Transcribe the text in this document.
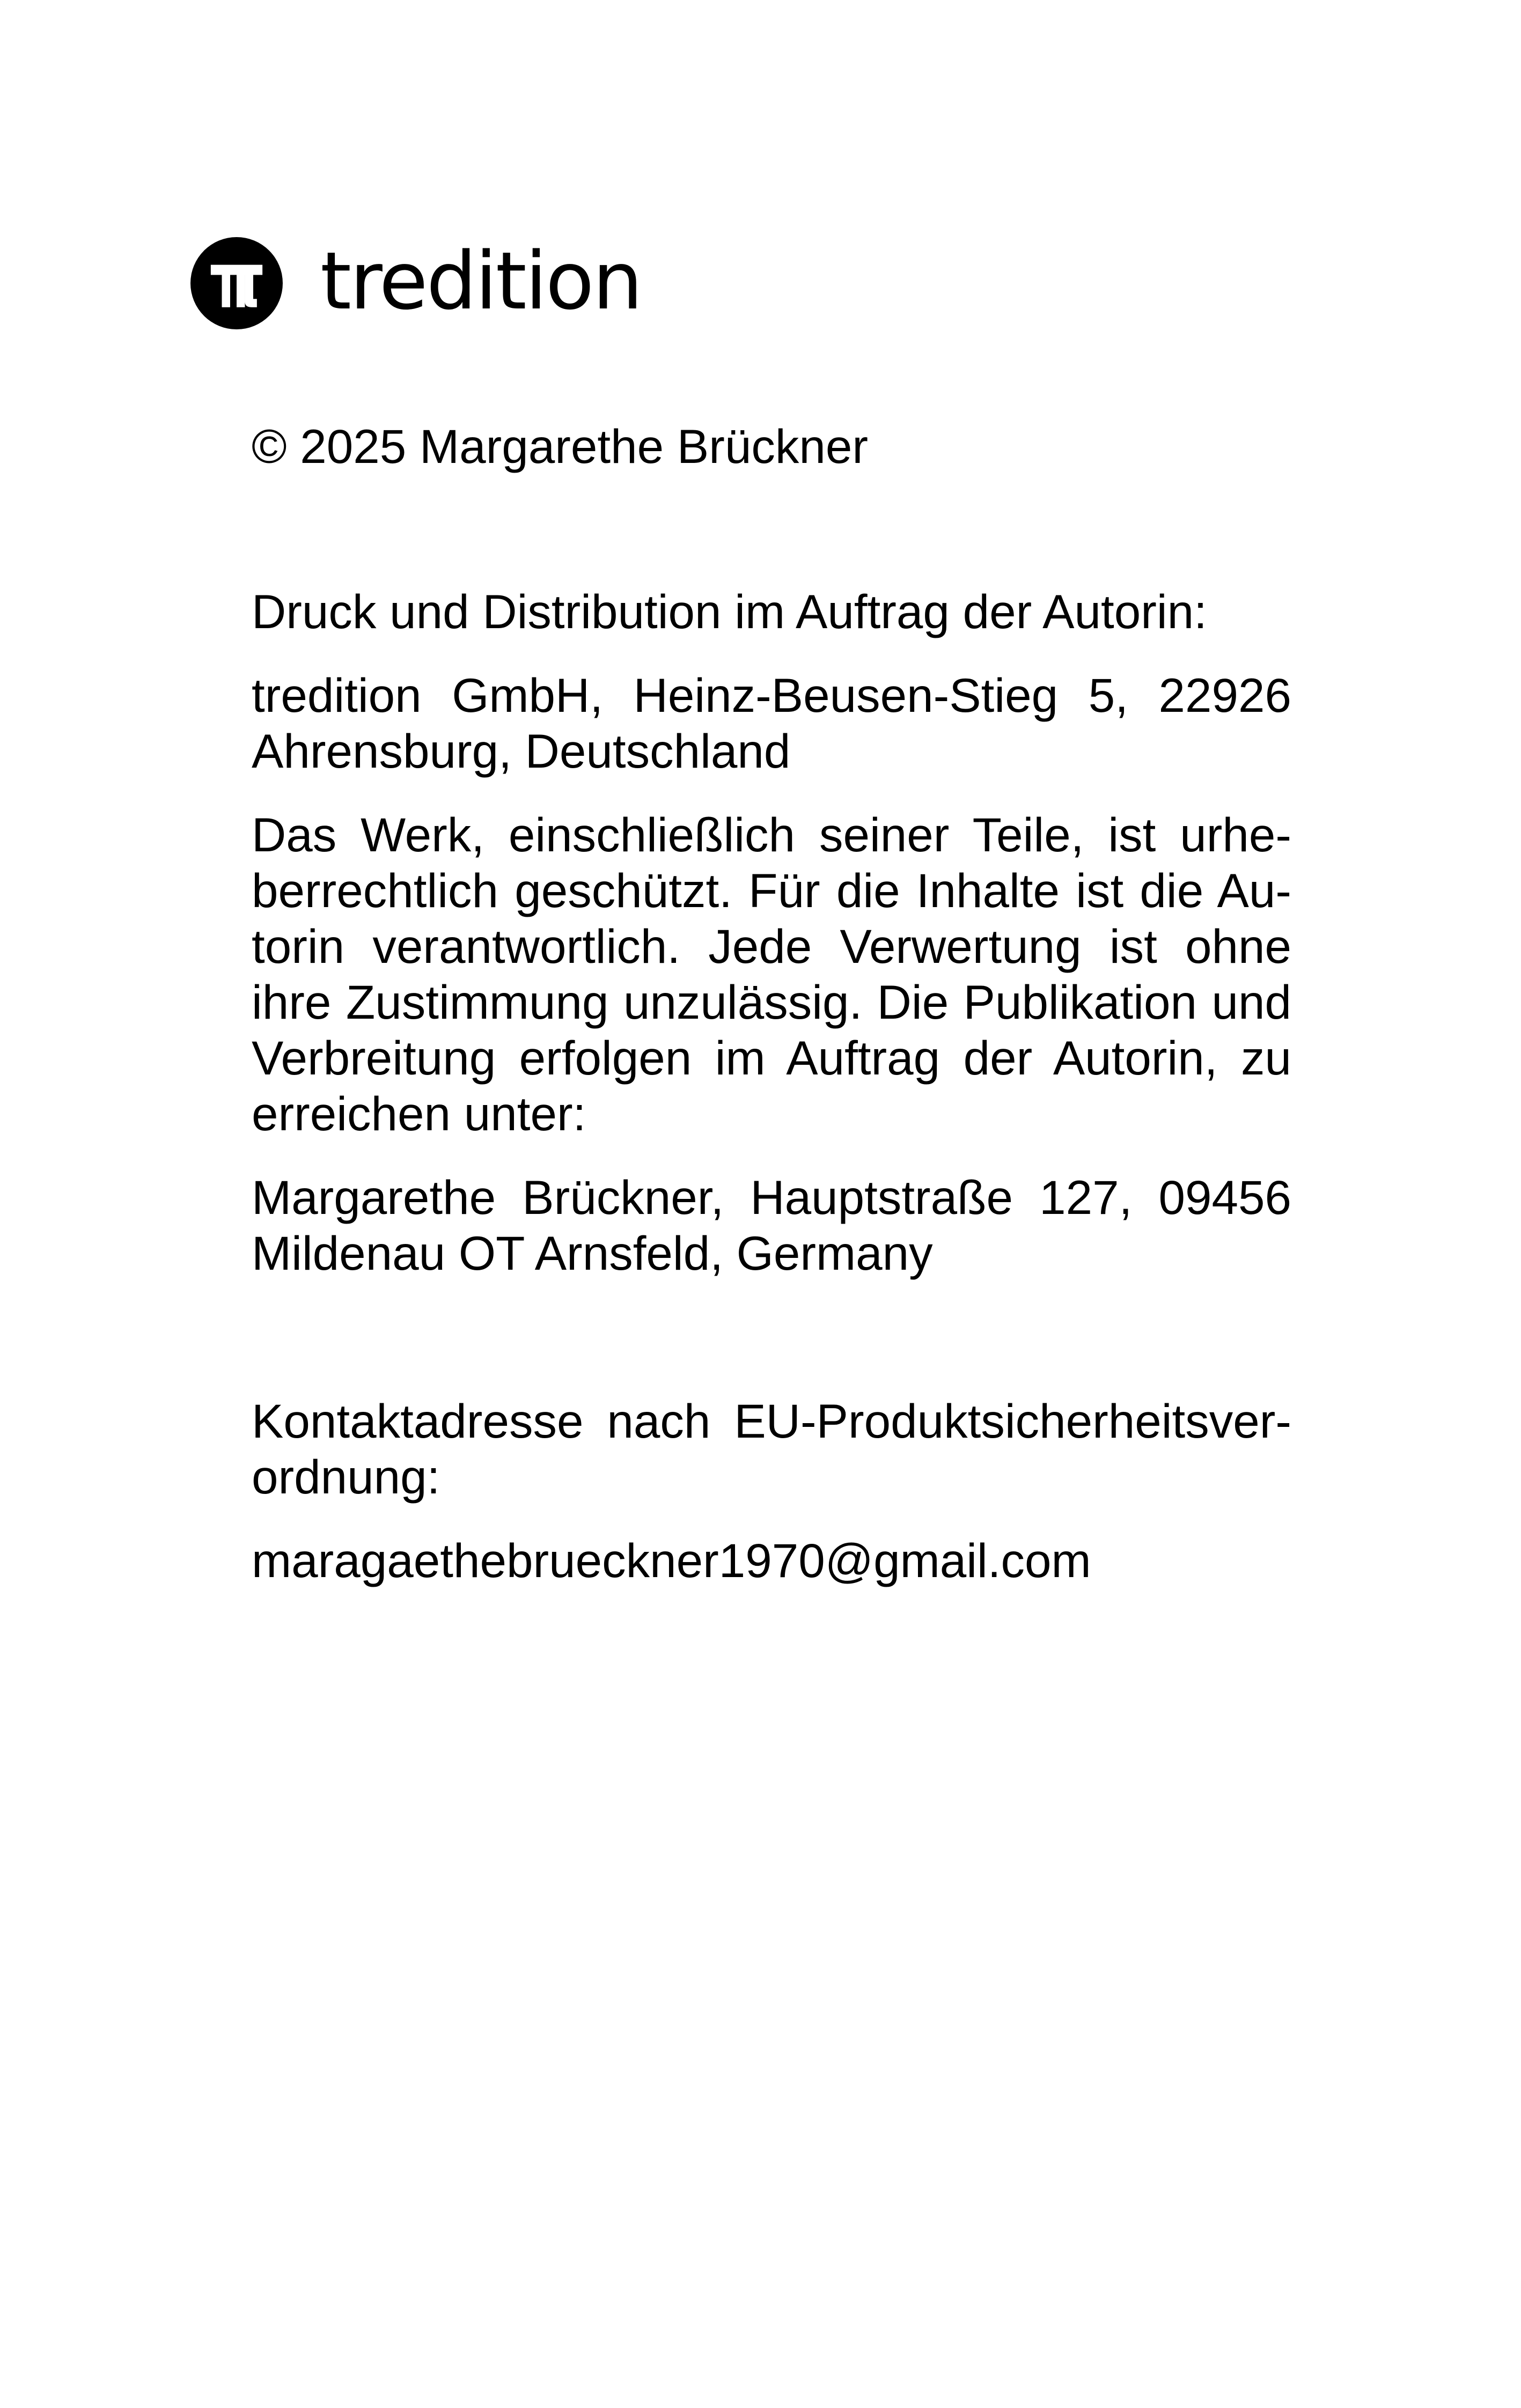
tredition

© 2025 Margarethe Brückner

Druck und Distribution im Auftrag der Autorin:

tredition GmbH, Heinz-Beusen-Stieg 5, 22926
Ahrensburg, Deutschland
Das Werk, einschließlich seiner Teile, ist urhe-
berrechtlich geschützt. Für die Inhalte ist die Au-
torin verantwortlich. Jede Verwertung ist ohne
ihre Zustimmung unzulässig. Die Publikation und
Verbreitung erfolgen im Auftrag der Autorin, zu
erreichen unter:
Margarethe Brückner, Hauptstraße 127, 09456
Mildenau OT Arnsfeld, Germany
Kontaktadresse nach EU-Produktsicherheitsver-
ordnung:

maragaethebrueckner1970@gmail.com
